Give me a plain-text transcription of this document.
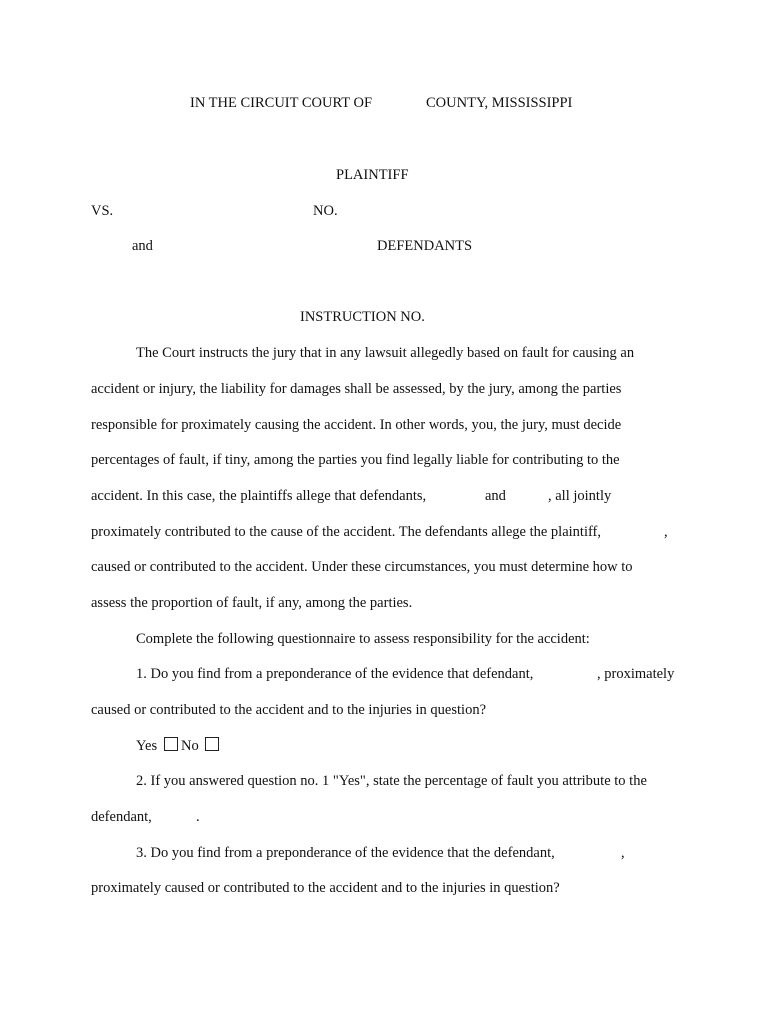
IN THE CIRCUIT COURT OF	COUNTY, MISSISSIPPI
PLAINTIFF
VS.	NO.
and	DEFENDANTS
INSTRUCTION NO.
The Court instructs the jury that in any lawsuit allegedly based on fault for causing an
accident or injury, the liability for damages shall be assessed, by the jury, among the parties
responsible for proximately causing the accident. In other words, you, the jury, must decide
percentages of fault, if tiny, among the parties you find legally liable for contributing to the
accident. In this case, the plaintiffs allege that defendants,	and	, all jointly
proximately contributed to the cause of the accident. The defendants allege the plaintiff,	,
caused or contributed to the accident. Under these circumstances, you must determine how to
assess the proportion of fault, if any, among the parties.
Complete the following questionnaire to assess responsibility for the accident:
1. Do you find from a preponderance of the evidence that defendant,	, proximately
caused or contributed to the accident and to the injuries in question?
Yes No
2. If you answered question no. 1 "Yes", state the percentage of fault you attribute to the
defendant,	.
3. Do you find from a preponderance of the evidence that the defendant,	,
proximately caused or contributed to the accident and to the injuries in question?
